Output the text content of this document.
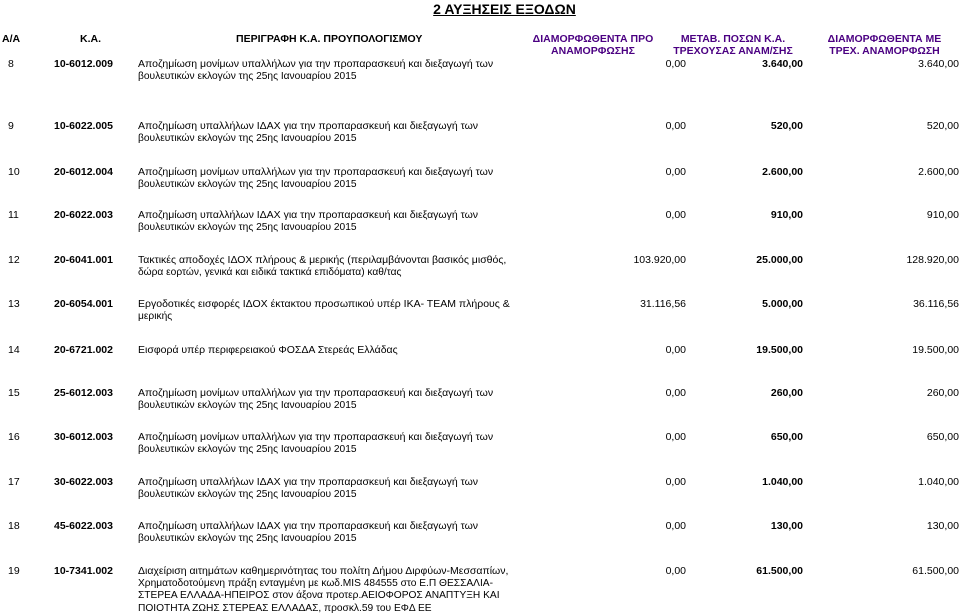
2 ΑΥΞΗΣΕΙΣ ΕΞΟΔΩΝ
Α/Α	Κ.Α.	ΠΕΡΙΓΡΑΦΗ Κ.Α. ΠΡΟΥΠΟΛΟΓΙΣΜΟΥ	ΔΙΑΜΟΡΦΩΘΕΝΤΑ ΠΡΟ
ΑΝΑΜΟΡΦΩΣΗΣ
ΜΕΤΑΒ. ΠΟΣΩΝ Κ.Α.
ΤΡΕΧΟΥΣΑΣ ΑΝΑΜ/ΣΗΣ
ΔΙΑΜΟΡΦΩΘΕΝΤΑ ΜΕ
ΤΡΕΧ. ΑΝΑΜΟΡΦΩΣΗ
8	10-6012.009 Αποζημίωση μονίμων υπαλλήλων για την προπαρασκευή και διεξαγωγή των
βουλευτικών εκλογών της 25ης Ιανουαρίου 2015
0,00	3.640,00	3.640,00
9	10-6022.005 Αποζημίωση υπαλλήλων ΙΔΑΧ για την προπαρασκευή και διεξαγωγή των
βουλευτικών εκλογών της 25ης Ιανουαρίου 2015
0,00	520,00	520,00
10	20-6012.004 Αποζημίωση μονίμων υπαλλήλων για την προπαρασκευή και διεξαγωγή των
βουλευτικών εκλογών της 25ης Ιανουαρίου 2015
0,00	2.600,00	2.600,00
11	20-6022.003 Αποζημίωση υπαλλήλων ΙΔΑΧ για την προπαρασκευή και διεξαγωγή των
βουλευτικών εκλογών της 25ης Ιανουαρίου 2015
0,00	910,00	910,00
12	20-6041.001 Τακτικές αποδοχές ΙΔΟΧ πλήρους & μερικής (περιλαμβάνονται βασικός μισθός,
δώρα εορτών, γενικά και ειδικά τακτικά επιδόματα) καθ/τας
103.920,00	25.000,00	128.920,00
13	20-6054.001 Εργοδοτικές εισφορές ΙΔΟΧ έκτακτου προσωπικού υπέρ ΙΚΑ- ΤΕΑΜ πλήρους &
μερικής
31.116,56	5.000,00	36.116,56
14	20-6721.002 Εισφορά υπέρ περιφερειακού ΦΟΣΔΑ Στερεάς Ελλάδας	0,00	19.500,00	19.500,00
15	25-6012.003 Αποζημίωση μονίμων υπαλλήλων για την προπαρασκευή και διεξαγωγή των
βουλευτικών εκλογών της 25ης Ιανουαρίου 2015
0,00	260,00	260,00
16	30-6012.003 Αποζημίωση μονίμων υπαλλήλων για την προπαρασκευή και διεξαγωγή των
βουλευτικών εκλογών της 25ης Ιανουαρίου 2015
0,00	650,00	650,00
17	30-6022.003 Αποζημίωση υπαλλήλων ΙΔΑΧ για την προπαρασκευή και διεξαγωγή των
βουλευτικών εκλογών της 25ης Ιανουαρίου 2015
0,00	1.040,00	1.040,00
18	45-6022.003 Αποζημίωση υπαλλήλων ΙΔΑΧ για την προπαρασκευή και διεξαγωγή των
βουλευτικών εκλογών της 25ης Ιανουαρίου 2015
0,00	130,00	130,00
19	10-7341.002 Διαχείριση αιτημάτων καθημερινότητας του πολίτη Δήμου Διρφύων-Μεσσαπίων,
Χρηματοδοτούμενη πράξη ενταγμένη με κωδ.MIS 484555 στο Ε.Π ΘΕΣΣΑΛΙΑ-
ΣΤΕΡΕΑ ΕΛΛΑΔΑ-ΗΠΕΙΡΟΣ στον άξονα προτερ.ΑΕΙΟΦΟΡΟΣ ΑΝΑΠΤΥΞΗ ΚΑΙ
ΠΟΙΟΤΗΤΑ ΖΩΗΣ ΣΤΕΡΕΑΣ ΕΛΛΑΔΑΣ, προσκλ.59 του ΕΦΔ ΕΕ
0,00	61.500,00	61.500,00
